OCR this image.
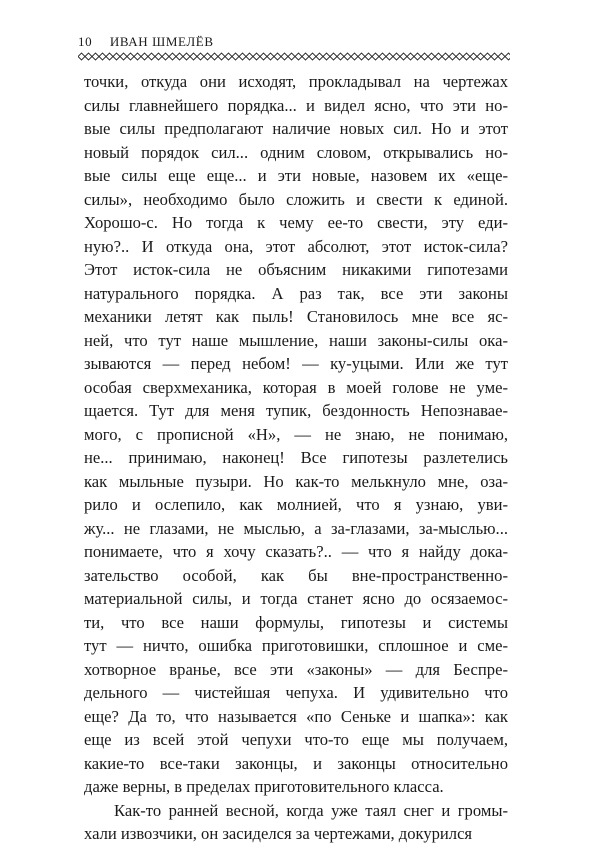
10 ИВАН ШМЕЛЁВ
точки, откуда они исходят, прокладывал на чертежах
силы главнейшего порядка... и видел ясно, что эти но-
вые силы предполагают наличие новых сил. Но и этот
новый порядок сил... одним словом, открывались но-
вые силы еще еще... и эти новые, назовем их «еще-
силы», необходимо было сложить и свести к единой.
Хорошо-с. Но тогда к чему ее-то свести, эту еди-
ную?.. И откуда она, этот абсолют, этот исток-сила?
Этот исток-сила не объясним никакими гипотезами
натурального порядка. А раз так, все эти законы
механики летят как пыль! Становилось мне все яс-
ней, что тут наше мышление, наши законы-силы ока-
зываются — перед небом! — ку-уцыми. Или же тут
особая сверхмеханика, которая в моей голове не уме-
щается. Тут для меня тупик, бездонность Непознавае-
мого, с прописной «Н», — не знаю, не понимаю,
не... принимаю, наконец! Все гипотезы разлетелись
как мыльные пузыри. Но как-то мелькнуло мне, оза-
рило и ослепило, как молнией, что я узнаю, уви-
жу... не глазами, не мыслью, а за-глазами, за-мыслью...
понимаете, что я хочу сказать?.. — что я найду дока-
зательство особой, как бы вне-пространственно-
материальной силы, и тогда станет ясно до осязаемос-
ти, что все наши формулы, гипотезы и системы
тут — ничто, ошибка приготовишки, сплошное и сме-
хотворное вранье, все эти «законы» — для Беспре-
дельного — чистейшая чепуха. И удивительно что
еще? Да то, что называется «по Сеньке и шапка»: как
еще из всей этой чепухи что-то еще мы получаем,
какие-то все-таки законцы, и законцы относительно
даже верны, в пределах приготовительного класса.
Как-то ранней весной, когда уже таял снег и громы-
хали извозчики, он засиделся за чертежами, докурился
